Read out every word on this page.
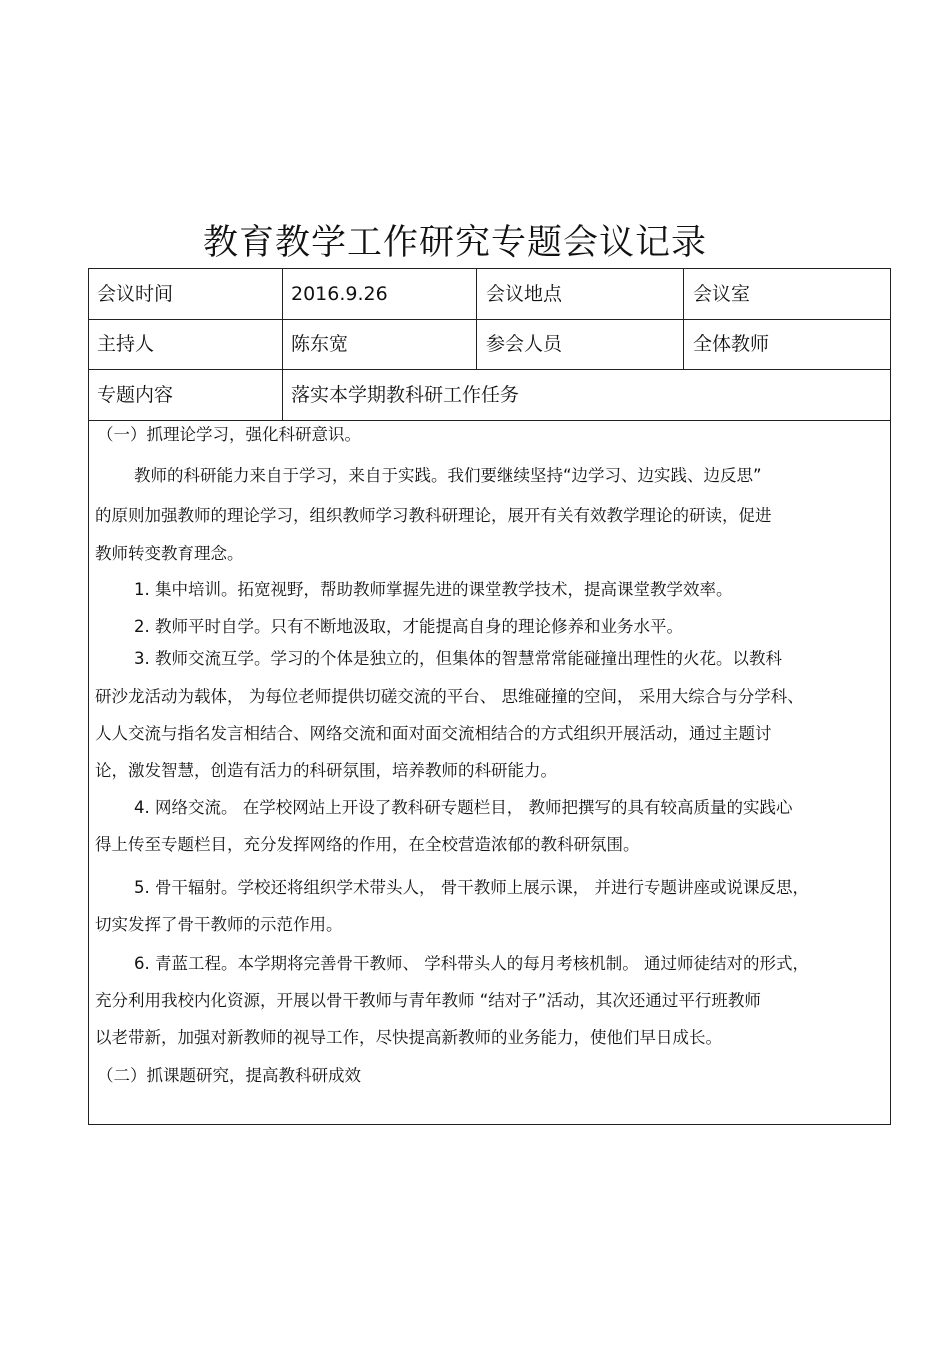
教育教学工作研究专题会议记录
会议时间	2016.9.26	会议地点	会议室
主持人	陈东宽	参会人员	全体教师
专题内容	落实本学期教科研工作任务
（一）抓理论学习，强化科研意识。
教师的科研能力来自于学习，来自于实践。我们要继续坚持“边学习、边实践、边反思”
的原则加强教师的理论学习，组织教师学习教科研理论，展开有关有效教学理论的研读，促进
教师转变教育理念。
1. 集中培训。拓宽视野，帮助教师掌握先进的课堂教学技术，提高课堂教学效率。
2. 教师平时自学。只有不断地汲取，才能提高自身的理论修养和业务水平。
3. 教师交流互学。学习的个体是独立的，但集体的智慧常常能碰撞出理性的火花。以教科
研沙龙活动为载体， 为每位老师提供切磋交流的平台、 思维碰撞的空间， 采用大综合与分学科、
人人交流与指名发言相结合、网络交流和面对面交流相结合的方式组织开展活动，通过主题讨
论，激发智慧，创造有活力的科研氛围，培养教师的科研能力。
4. 网络交流。 在学校网站上开设了教科研专题栏目， 教师把撰写的具有较高质量的实践心
得上传至专题栏目，充分发挥网络的作用，在全校营造浓郁的教科研氛围。
5. 骨干辐射。学校还将组织学术带头人， 骨干教师上展示课， 并进行专题讲座或说课反思，
切实发挥了骨干教师的示范作用。
6. 青蓝工程。本学期将完善骨干教师、 学科带头人的每月考核机制。 通过师徒结对的形式，
充分利用我校内化资源，开展以骨干教师与青年教师 “结对子”活动，其次还通过平行班教师
以老带新，加强对新教师的视导工作，尽快提高新教师的业务能力，使他们早日成长。
（二）抓课题研究，提高教科研成效
